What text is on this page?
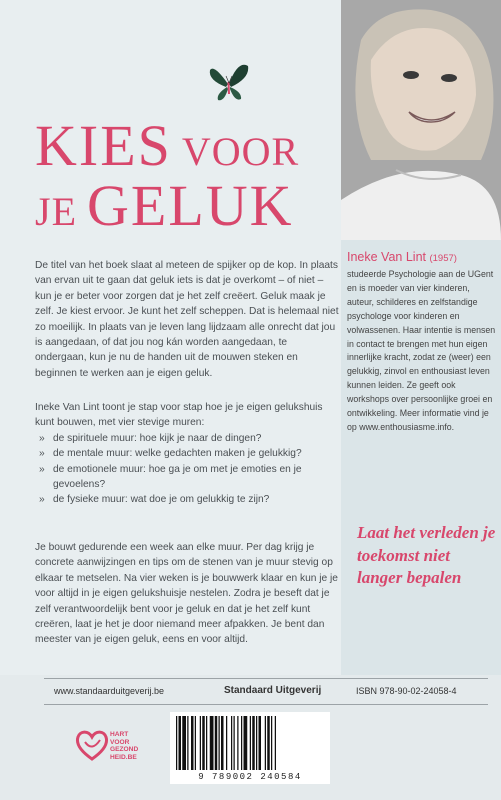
KIES VOOR
JE GELUK
De titel van het boek slaat al meteen de spijker op de kop. In plaats van ervan uit te gaan dat geluk iets is dat je overkomt – of niet – kun je er beter voor zorgen dat je het zelf creëert. Geluk maak je zelf. Je kiest ervoor. Je kunt het zelf scheppen. Dat is helemaal niet zo moeilijk. In plaats van je leven lang lijdzaam alle onrecht dat jou is aangedaan, of dat jou nog kán worden aangedaan, te ondergaan, kun je nu de handen uit de mouwen steken en beginnen te werken aan je eigen geluk.
Ineke Van Lint toont je stap voor stap hoe je je eigen gelukshuis kunt bouwen, met vier stevige muren:
» de spirituele muur: hoe kijk je naar de dingen?
» de mentale muur: welke gedachten maken je gelukkig?
» de emotionele muur: hoe ga je om met je emoties en je gevoelens?
» de fysieke muur: wat doe je om gelukkig te zijn?
Je bouwt gedurende een week aan elke muur. Per dag krijg je concrete aanwijzingen en tips om de stenen van je muur stevig op elkaar te metselen. Na vier weken is je bouwwerk klaar en kun je je voor altijd in je eigen gelukshuisje nestelen. Zodra je beseft dat je zelf verantwoordelijk bent voor je geluk en dat je het zelf kunt creëren, laat je het je door niemand meer afpakken. Je bent dan meester van je eigen geluk, eens en voor altijd.
Ineke Van Lint (1957)
studeerde Psychologie aan de UGent en is moeder van vier kinderen, auteur, schilderes en zelfstandige psychologe voor kinderen en volwassenen. Haar intentie is mensen in contact te brengen met hun eigen innerlijke kracht, zodat ze (weer) een gelukkig, zinvol en enthousiast leven kunnen leiden. Ze geeft ook workshops over persoonlijke groei en ontwikkeling. Meer informatie vind je op www.enthousiasme.info.
Laat het verleden je toekomst niet langer bepalen
www.standaarduitgeverij.be	Standaard Uitgeverij	ISBN 978-90-02-24058-4
HART
VOOR
GEZOND
HEID.BE
9 789002 240584
